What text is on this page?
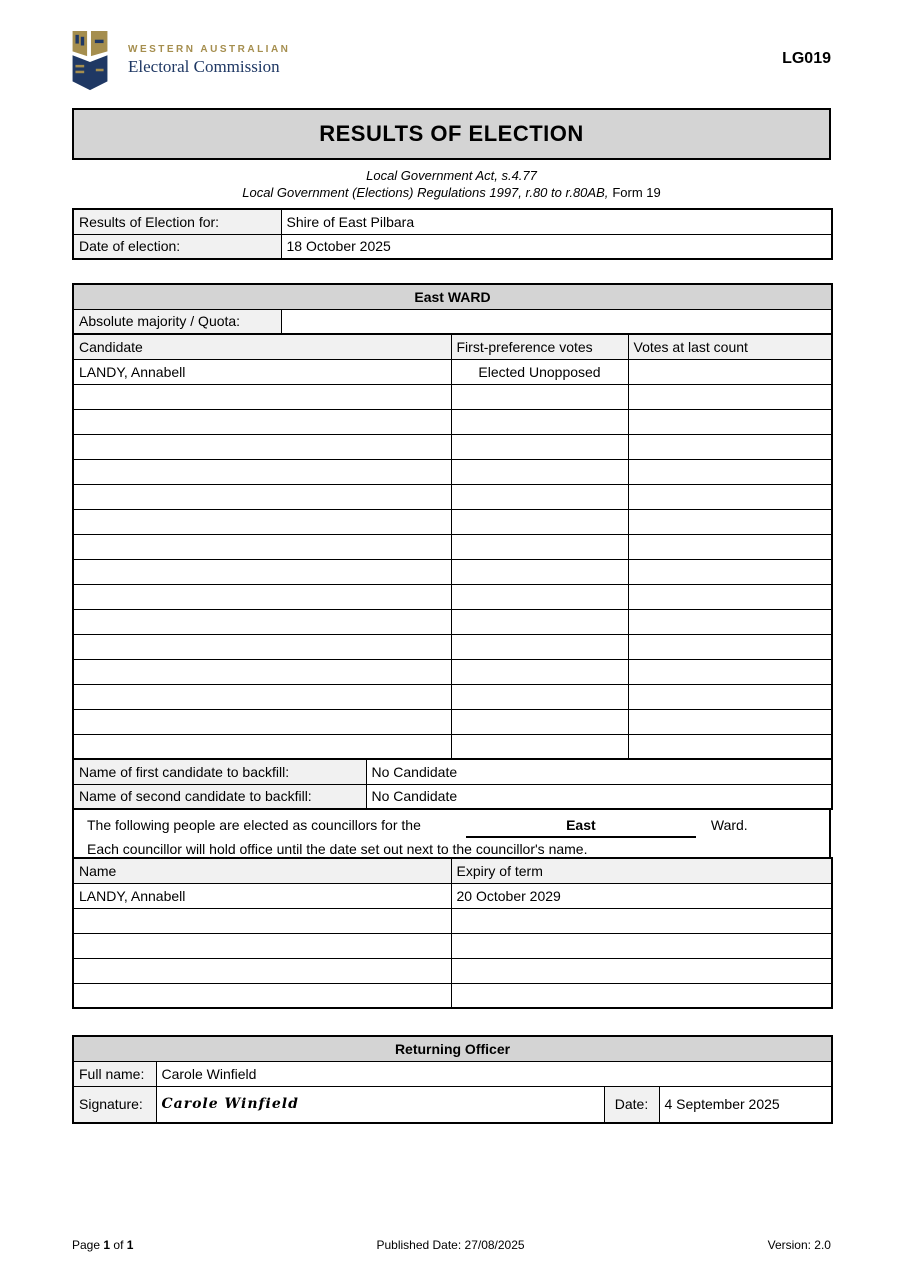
WESTERN AUSTRALIAN
Electoral Commission	LG019
RESULTS OF ELECTION
Local Government Act, s.4.77
Local Government (Elections) Regulations 1997, r.80 to r.80AB, Form 19
Results of Election for:	Shire of East Pilbara
Date of election:	18 October 2025
East WARD
Absolute majority / Quota:	
Candidate	First-preference votes	Votes at last count
LANDY, Annabell	Elected Unopposed	

Name of first candidate to backfill:	No Candidate
Name of second candidate to backfill:	No Candidate
The following people are elected as councillors for the	East	Ward.
Each councillor will hold office until the date set out next to the councillor's name.
Name	Expiry of term
LANDY, Annabell	20 October 2029

Returning Officer			
Full name:	Carole Winfield		
Signature:	Carole Winfield	Date:	4 September 2025
Page 1 of 1	Published Date: 27/08/2025	Version: 2.0
